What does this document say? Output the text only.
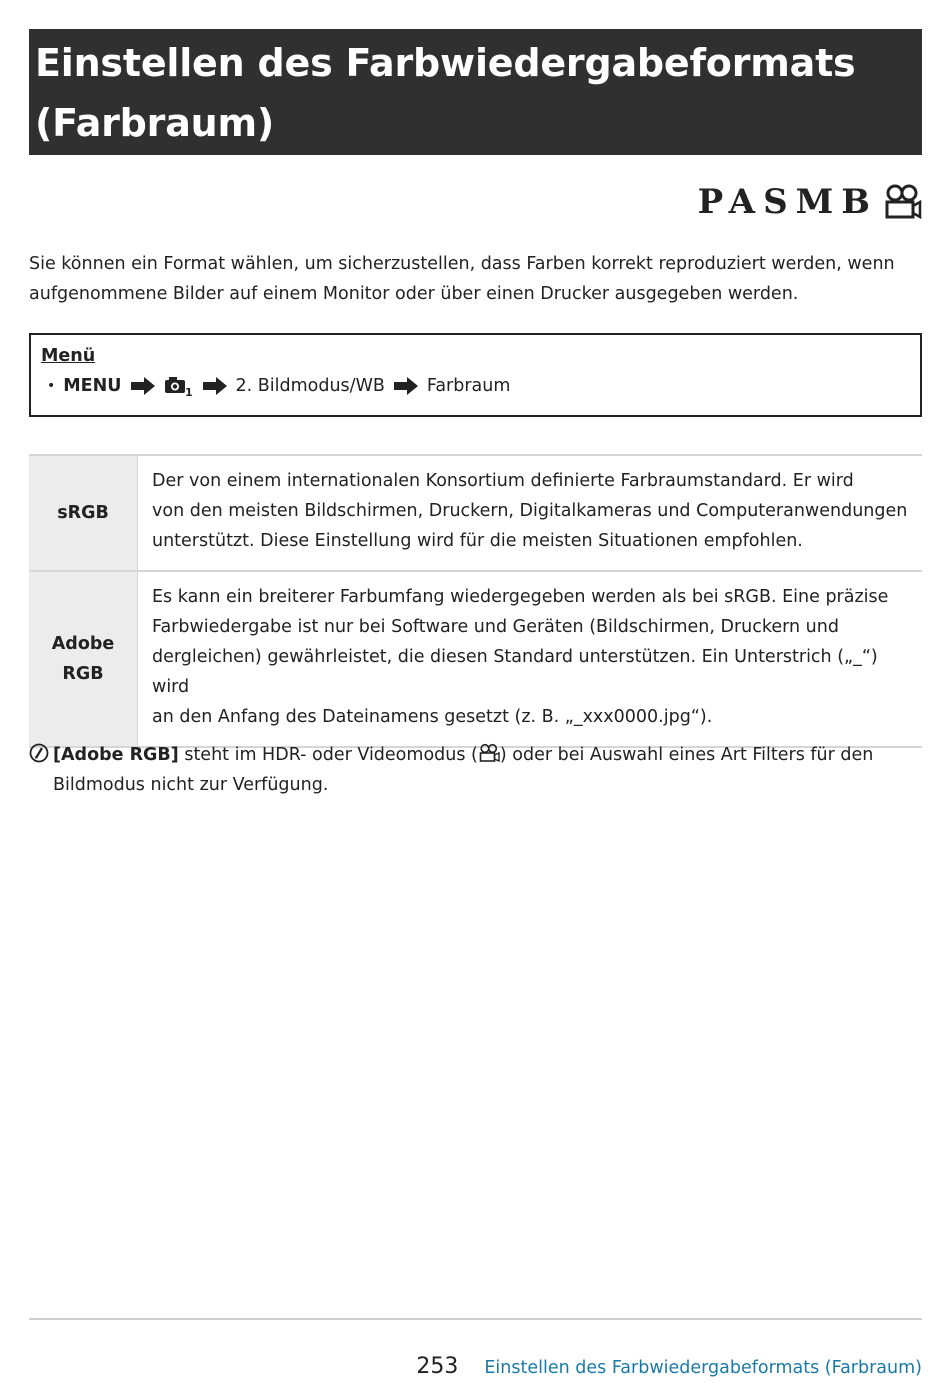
Einstellen des Farbwiedergabeformats
(Farbraum)
PASMB

Sie können ein Format wählen, um sicherzustellen, dass Farben korrekt reproduziert werden, wenn
aufgenommene Bilder auf einem Monitor oder über einen Drucker ausgegeben werden.

Menü
• MENU	1 2. Bildmodus/WB Farbraum
sRGB	Der von einem internationalen Konsortium definierte Farbraumstandard. Er wird
von den meisten Bildschirmen, Druckern, Digitalkameras und Computeranwendungen
unterstützt. Diese Einstellung wird für die meisten Situationen empfohlen.
Adobe
RGB	Es kann ein breiterer Farbumfang wiedergegeben werden als bei sRGB. Eine präzise
Farbwiedergabe ist nur bei Software und Geräten (Bildschirmen, Druckern und
dergleichen) gewährleistet, die diesen Standard unterstützen. Ein Unterstrich („_“) wird
an den Anfang des Dateinamens gesetzt (z. B. „_xxx0000.jpg“).
[Adobe RGB] steht im HDR- oder Videomodus ( ) oder bei Auswahl eines Art Filters für den
Bildmodus nicht zur Verfügung.
253 Einstellen des Farbwiedergabeformats (Farbraum)
